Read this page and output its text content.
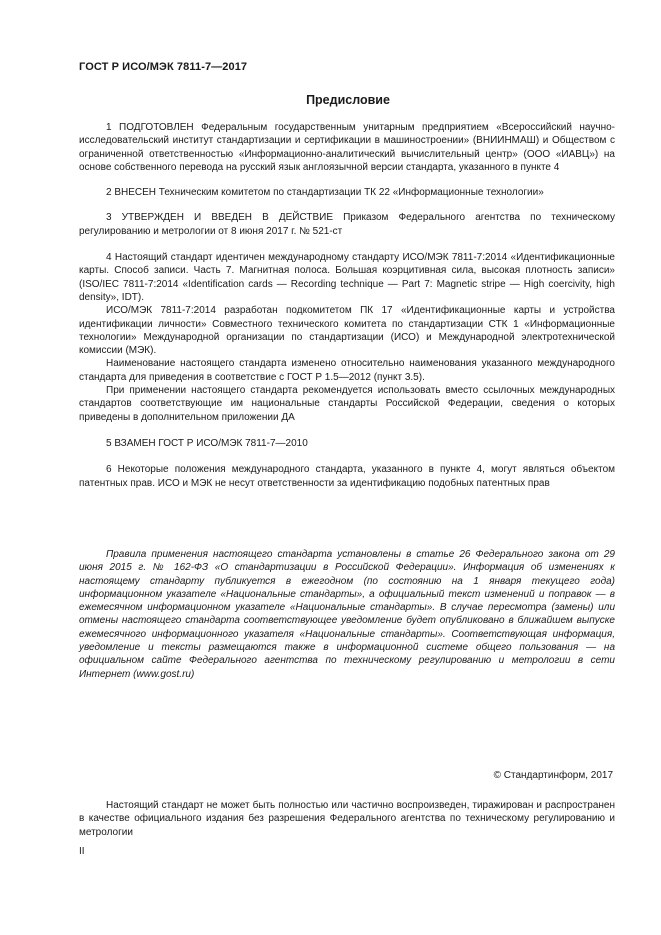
ГОСТ Р ИСО/МЭК 7811-7—2017
Предисловие

1 ПОДГОТОВЛЕН Федеральным государственным унитарным предприятием «Всероссийский научно-исследовательский институт стандартизации и сертификации в машиностроении» (ВНИИНМАШ) и Обществом с ограниченной ответственностью «Информационно-аналитический вычислительный центр» (ООО «ИАВЦ») на основе собственного перевода на русский язык англоязычной версии стандарта, указанного в пункте 4

2 ВНЕСЕН Техническим комитетом по стандартизации ТК 22 «Информационные технологии»

3 УТВЕРЖДЕН И ВВЕДЕН В ДЕЙСТВИЕ Приказом Федерального агентства по техническому регулированию и метрологии от 8 июня 2017 г. № 521-ст

4 Настоящий стандарт идентичен международному стандарту ИСО/МЭК 7811-7:2014 «Идентификационные карты. Способ записи. Часть 7. Магнитная полоса. Большая коэрцитивная сила, высокая плотность записи» (ISO/IEC 7811-7:2014 «Identification cards — Recording technique — Part 7: Magnetic stripe — High coercivity, high density», IDT).

ИСО/МЭК 7811-7:2014 разработан подкомитетом ПК 17 «Идентификационные карты и устройства идентификации личности» Совместного технического комитета по стандартизации СТК 1 «Информационные технологии» Международной организации по стандартизации (ИСО) и Международной электротехнической комиссии (МЭК).

Наименование настоящего стандарта изменено относительно наименования указанного международного стандарта для приведения в соответствие с ГОСТ Р 1.5—2012 (пункт 3.5).

При применении настоящего стандарта рекомендуется использовать вместо ссылочных международных стандартов соответствующие им национальные стандарты Российской Федерации, сведения о которых приведены в дополнительном приложении ДА

5 ВЗАМЕН ГОСТ Р ИСО/МЭК 7811-7—2010

6 Некоторые положения международного стандарта, указанного в пункте 4, могут являться объектом патентных прав. ИСО и МЭК не несут ответственности за идентификацию подобных патентных прав

Правила применения настоящего стандарта установлены в статье 26 Федерального закона от 29 июня 2015 г. № 162-ФЗ «О стандартизации в Российской Федерации». Информация об изменениях к настоящему стандарту публикуется в ежегодном (по состоянию на 1 января текущего года) информационном указателе «Национальные стандарты», а официальный текст изменений и поправок — в ежемесячном информационном указателе «Национальные стандарты». В случае пересмотра (замены) или отмены настоящего стандарта соответствующее уведомление будет опубликовано в ближайшем выпуске ежемесячного информационного указателя «Национальные стандарты». Соответствующая информация, уведомление и тексты размещаются также в информационной системе общего пользования — на официальном сайте Федерального агентства по техническому регулированию и метрологии в сети Интернет (www.gost.ru)

© Стандартинформ, 2017

Настоящий стандарт не может быть полностью или частично воспроизведен, тиражирован и распространен в качестве официального издания без разрешения Федерального агентства по техническому регулированию и метрологии

II
